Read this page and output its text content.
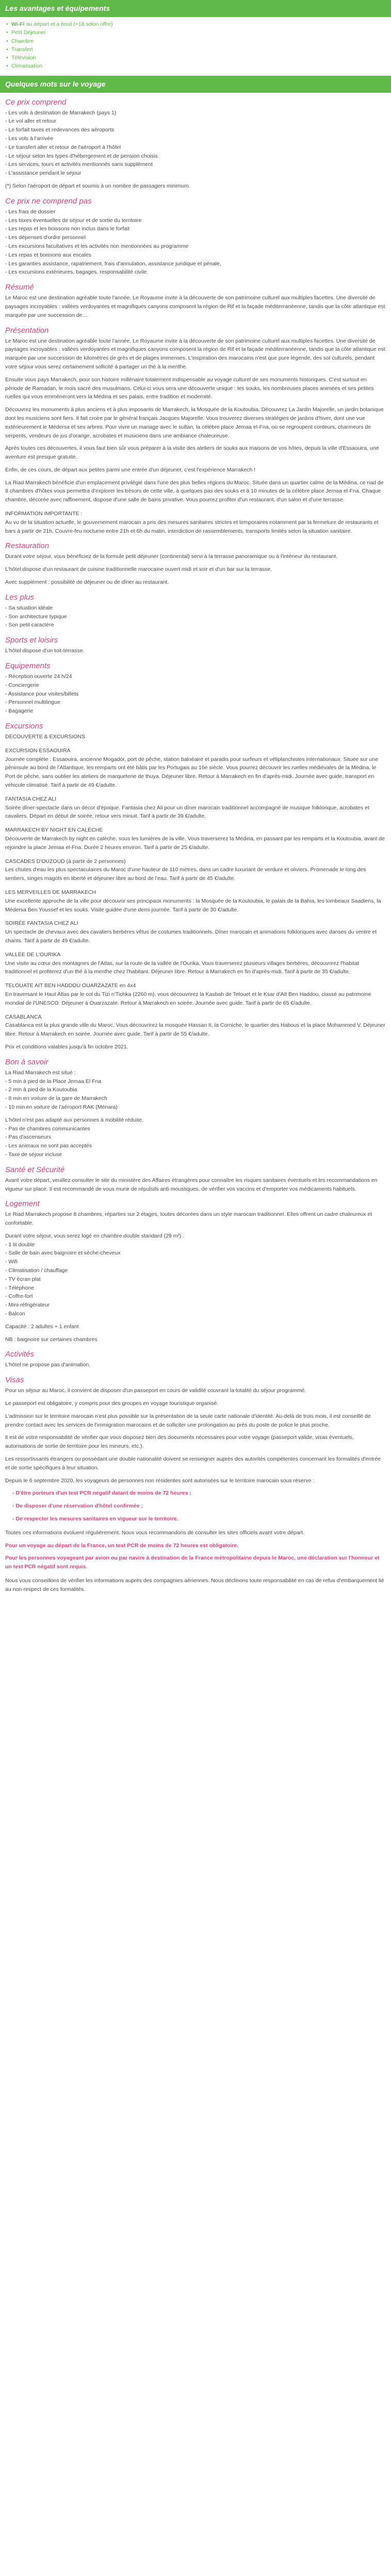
Les avantages et équipements
• Wi-Fi au départ et à bord (+18 selon offre)
• Petit Déjeuner
• Chambre
• Transfert
• Télévision
• Climatisation
Quelques mots sur le voyage
Ce prix comprend
- Les vols à destination de Marrakech (pays 1)
- Le vol aller et retour
- Le forfait taxes et redevances des aéroports
- Les vols à l'arrivée
- Le transfert aller et retour de l'aéroport à l'hôtel
- Le séjour selon les types d'hébergement et de pension choisis
- Les services, tours et activités mentionnés sans supplément
- L'assistance pendant le séjour
(*) Selon l'aéroport de départ et soumis à un nombre de passagers minimum.
Ce prix ne comprend pas
- Les frais de dossier
- Les taxes éventuelles de séjour et de sortie du territoire
- Les repas et les boissons non inclus dans le forfait
- Les dépenses d'ordre personnel
- Les excursions facultatives et les activités non mentionnées au programme
- Les repas et boissons aux escales
- Les garanties assistance, rapatriement, frais d'annulation, assistance juridique et pénale,
- Les excursions extérieures, bagages, responsabilité civile.
Résumé
Le Maroc est une destination agréable toute l'année. Le Royaume invite à la découverte de son patrimoine culturel aux multiples facettes. Une diversité de paysages incroyables : vallées verdoyantes et magnifiques canyons composent la région de Rif et la façade méditerranéenne, tandis que la côte atlantique est marquée par une succession de…
Présentation
Le Maroc est une destination agréable toute l'année. Le Royaume invite à la découverte de son patrimoine culturel aux multiples facettes. Une diversité de paysages incroyables : vallées verdoyantes et magnifiques canyons composent la région de Rif et la façade méditerranéenne, tandis que la côte atlantique est marquée par une succession de kilomètres de grès et de plages immenses. L'inspiration des marocains n'est que pure légende, des sol culturels, pendant votre séjour vous serez certainement sollicité à partager un thé à la menthe.
Ensuite vous pays Marrakech, pour son histoire millénaire totalement indispensable au voyage culturel de ses monuments historiques. C'est surtout en période de Ramadan, le mois sacré des musulmans. Celui-ci vous sera une découverte unique : les souks, les nombreuses places animées et ses petites ruelles qui vous emmèneront vers la Médina et ses palais, entre tradition et modernité.
Découvrez les monuments à plus anciens et à plus imposants de Marrakech, la Mosquée de la Koutoubia. Découvrez La Jardin Majorelle, un jardin botanique dont les musiciens sont fiers. Il fait croire par le général français Jacques Majorelle. Vous trouverez diverses stratégies de jardins d'hiver, dont une vue extérieurement le Médersa et ses arbres. Pour vivre un mariage avec le sultan, la célèbre place Jemaa el-Fna, où se regroupent conteurs, charmeurs de serpents, vendeurs de jus d'orange, acrobates et musiciens dans une ambiance chaleureuse.
Après toutes ces découvertes, il vous faut bien sûr vous préparer à la visite des ateliers de souks aux maisons de vos hôtes, depuis la ville d'Essaouira, une aventure est presque gratuite.
Enfin, de ces cours, de départ aux petites parmi une entrée d'un déjeuner, c'est l'expérience Marrakech !
La Riad Marrakech bénéficie d'un emplacement privilégié dans l'une des plus belles régions du Maroc. Située dans un quartier calme de la Médina, ce riad de 8 chambres d'hôtes vous permettra d'explorer les trésors de cette ville, à quelques pas des souks et à 10 minutes de la célèbre place Jemaa el-Fna. Chaque chambre, décorée avec raffinement, dispose d'une salle de bains privative. Vous pourrez profiter d'un restaurant, d'un salon et d'une terrasse.
INFORMATION IMPORTANTE :
Au vu de la situation actuelle, le gouvernement marocain a pris des mesures sanitaires strictes et temporaires notamment par la fermeture de restaurants et bars à partir de 21h. Couvre-feu nocturne entre 21h et 6h du matin, interdiction de rassemblements, transports limités selon la situation sanitaire.
Restauration
Durant votre séjour, vous bénéficiez de la formule petit déjeuner (continental) servi à la terrasse panoramique ou à l'intérieur du restaurant.
L'hôtel dispose d'un restaurant de cuisine traditionnelle marocaine ouvert midi et soir et d'un bar sur la terrasse.
Avec supplément : possibilité de déjeuner ou de dîner au restaurant.
Les plus
- Sa situation idéale
- Son architecture typique
- Son petit caractère
Sports et loisirs
L'hôtel dispose d'un toit-terrasse.
Equipements
- Réception ouverte 24 h/24
- Conciergerie
- Assistance pour visites/billets
- Personnel multilingue
- Bagagerie
Excursions
DÉCOUVERTE & EXCURSIONS
EXCURSION ESSAOUIRA
Journée complète : Essaouira, ancienne Mogador, port de pêche, station balnéaire et paradis pour surfeurs et véliplanchistes internationaux. Située sur une péninsule au bord de l'Atlantique, les remparts ont été bâtis par les Portugais au 16e siècle. Vous pourrez découvrir les ruelles médiévales de la Médina, le Port de pêche, sans oublier les ateliers de marqueterie de thuya. Déjeuner libre. Retour à Marrakech en fin d'après-midi. Journée avec guide, transport en véhicule climatisé. Tarif à partir de 49 €/adulte.
FANTASIA CHEZ ALI
Soirée dîner-spectacle dans un décor d'époque. Fantasia chez Ali pour un dîner marocain traditionnel accompagné de musique folklorique, acrobates et cavaliers. Départ en début de soirée, retour vers minuit. Tarif à partir de 39 €/adulte.
MARRAKECH BY NIGHT EN CALÈCHE
Découverte de Marrakech by night en calèche, sous les lumières de la ville. Vous traverserez la Médina, en passant par les remparts et la Koutoubia, avant de rejoindre la place Jemaa el-Fna. Durée 2 heures environ. Tarif à partir de 25 €/adulte.
CASCADES D'OUZOUD (à partir de 2 personnes)
Les chutes d'eau les plus spectaculaires du Maroc d'une hauteur de 110 mètres, dans un cadre luxuriant de verdure et oliviers. Promenade le long des sentiers, singes magots en liberté et déjeuner libre au bord de l'eau. Tarif à partir de 45 €/adulte.
LES MERVEILLES DE MARRAKECH
Une excellente approche de la ville pour découvrir ses principaux monuments : la Mosquée de la Koutoubia, le palais de la Bahia, les tombeaux Saadiens, la Médersa Ben Youssef et les souks. Visite guidée d'une demi-journée. Tarif à partir de 30 €/adulte.
SOIRÉE FANTASIA CHEZ ALI
Un spectacle de chevaux avec des cavaliers berbères vêtus de costumes traditionnels. Dîner marocain et animations folkloriques avec danses du ventre et chants. Tarif à partir de 49 €/adulte.
VALLÉE DE L'OURIKA
Une visite au cœur des montagnes de l'Atlas, sur la route de la vallée de l'Ourika. Vous traverserez plusieurs villages berbères, découvrirez l'habitat traditionnel et profiterez d'un thé à la menthe chez l'habitant. Déjeuner libre. Retour à Marrakech en fin d'après-midi. Tarif à partir de 35 €/adulte.
TELOUATE AIT BEN HADDOU OUARZAZATE en 4x4
En traversant le Haut Atlas par le col du Tizi n'Tichka (2260 m), vous découvrirez la Kasbah de Telouet et le Ksar d'Aït Ben Haddou, classé au patrimoine mondial de l'UNESCO. Déjeuner à Ouarzazate. Retour à Marrakech en soirée. Journée avec guide. Tarif à partir de 65 €/adulte.
CASABLANCA
Casablanca est la plus grande ville du Maroc. Vous découvrirez la mosquée Hassan II, la Corniche, le quartier des Habous et la place Mohammed V. Déjeuner libre. Retour à Marrakech en soirée. Journée avec guide. Tarif à partir de 55 €/adulte.
Prix et conditions valables jusqu'à fin octobre 2021.
Bon à savoir
La Riad Marrakech est situé :
- 5 min à pied de la Place Jemaa El Fna
- 2 min à pied de la Koutoubia
- 8 min en voiture de la gare de Marrakech
- 10 min en voiture de l'aéroport RAK (Ménara)
L'hôtel n'est pas adapté aux personnes à mobilité réduite.
- Pas de chambres communicantes
- Pas d'ascenseurs
- Les animaux ne sont pas acceptés
- Taxe de séjour incluse
Santé et Sécurité
Avant votre départ, veuillez consulter le site du ministère des Affaires étrangères pour connaître les risques sanitaires éventuels et les recommandations en vigueur sur place. Il est recommandé de vous munir de répulsifs anti-moustiques, de vérifier vos vaccins et d'emporter vos médicaments habituels.
Logement
Le Riad Marrakech propose 8 chambres, réparties sur 2 étages, toutes décorées dans un style marocain traditionnel. Elles offrent un cadre chaleureux et confortable.
Durant votre séjour, vous serez logé en chambre double standard (29 m²) :
- 1 lit double
- Salle de bain avec baignoire et sèche-cheveux
- Wifi
- Climatisation / chauffage
- TV écran plat
- Téléphone
- Coffre-fort
- Mini-réfrigérateur
- Balcon
Capacité : 2 adultes + 1 enfant
NB : baignoire sur certaines chambres
Activités
L'hôtel ne propose pas d'animation.
Visas
Pour un séjour au Maroc, il convient de disposer d'un passeport en cours de validité couvrant la totalité du séjour programmé.
Le passeport est obligatoire, y compris pour des groupes en voyage touristique organisé.
L'admission sur le territoire marocain n'est plus possible sur la présentation de la seule carte nationale d'identité. Au-delà de trois mois, il est conseillé de prendre contact avec les services de l'immigration marocains et de solliciter une prolongation au près du poste de police le plus proche.
Il est de votre responsabilité de vérifier que vous disposez bien des documents nécessaires pour votre voyage (passeport valide, visas éventuels, autorisations de sortie de territoire pour les mineurs, etc.).
Les ressortissants étrangers ou possédant une double nationalité doivent se renseigner auprès des autorités compétentes concernant les formalités d'entrée et de sortie spécifiques à leur situation.
Depuis le 6 septembre 2020, les voyageurs de personnes non résidentes sont autorisées sur le territoire marocain sous réserve :
- D'être porteurs d'un test PCR négatif datant de moins de 72 heures ;
- De disposer d'une réservation d'hôtel confirmée ;
- De respecter les mesures sanitaires en vigueur sur le territoire.
Toutes ces informations évoluent régulièrement. Nous vous recommandons de consulter les sites officiels avant votre départ.
Pour un voyage au départ de la France, un test PCR de moins de 72 heures est obligatoire.
Pour les personnes voyageant par avion ou par navire à destination de la France métropolitaine depuis le Maroc, une déclaration sur l'honneur et un test PCR négatif sont requis.
Nous vous conseillons de vérifier les informations auprès des compagnies aériennes. Nous déclinons toute responsabilité en cas de refus d'embarquement lié au non-respect de ces formalités.
